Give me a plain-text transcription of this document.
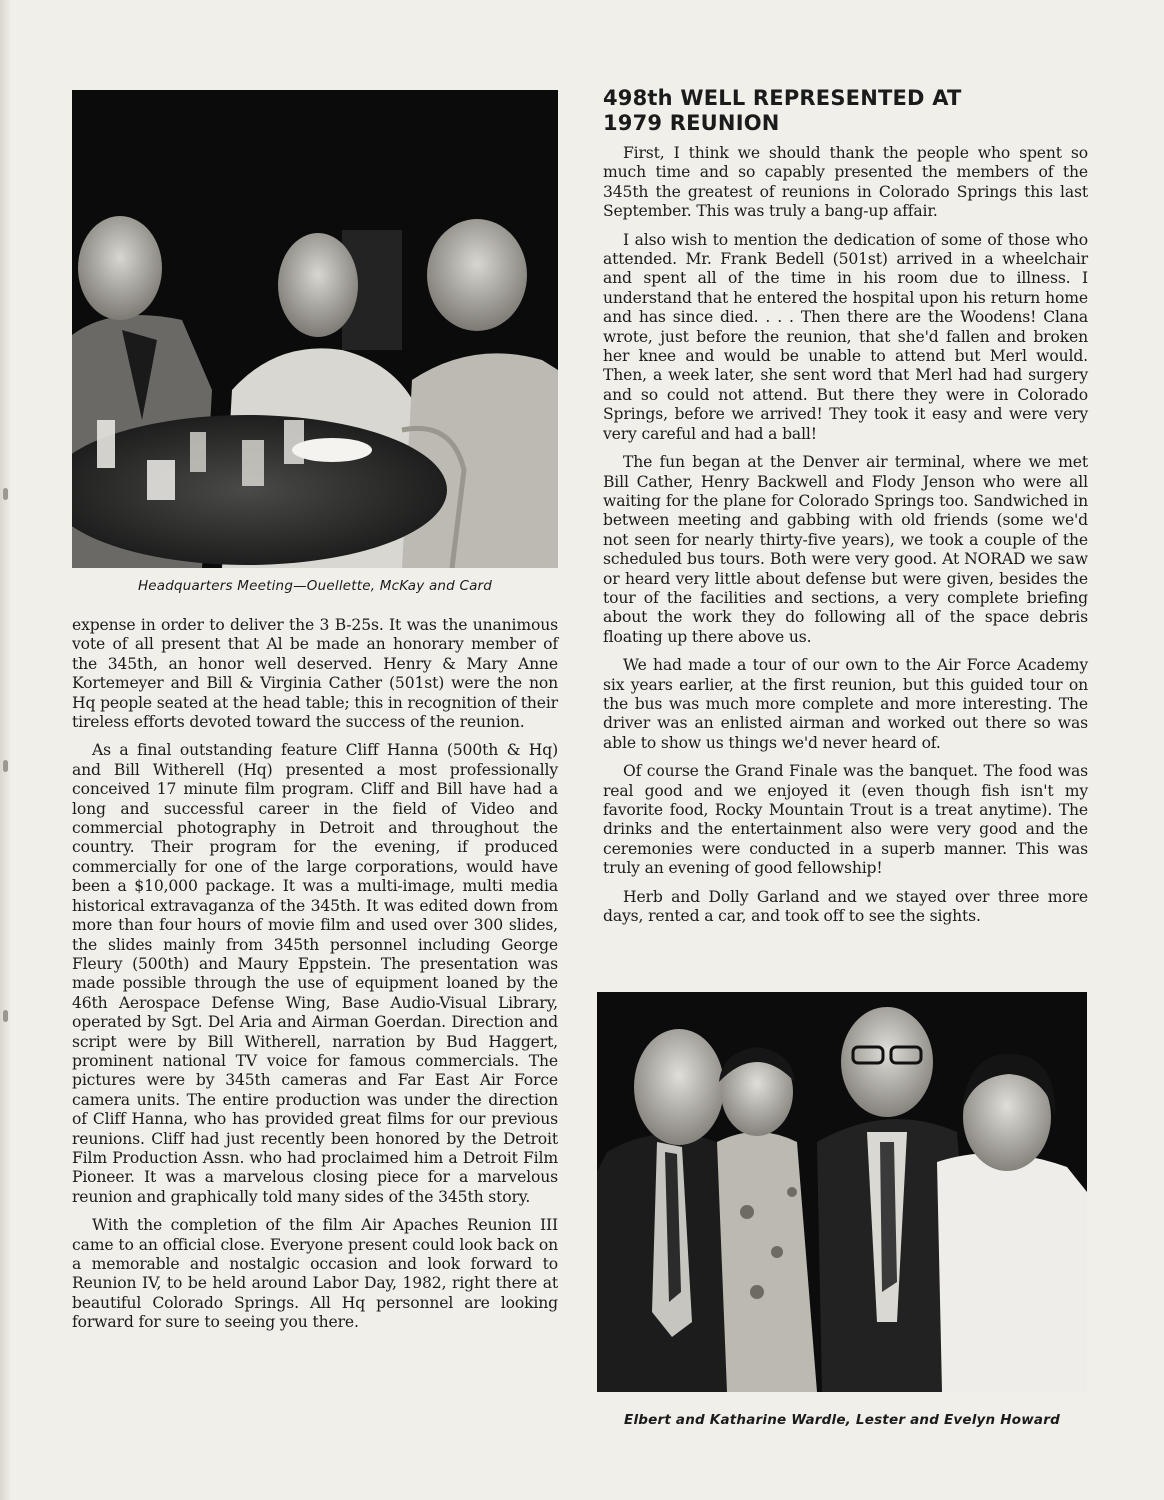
Headquarters Meeting—Ouellette, McKay and Card

expense in order to deliver the 3 B-25s. It was the unanimous vote of all present that Al be made an honorary member of the 345th, an honor well deserved. Henry & Mary Anne Kortemeyer and Bill & Virginia Cather (501st) were the non Hq people seated at the head table; this in recognition of their tireless efforts devoted toward the success of the reunion.

As a final outstanding feature Cliff Hanna (500th & Hq) and Bill Witherell (Hq) presented a most professionally conceived 17 minute film program. Cliff and Bill have had a long and successful career in the field of Video and commercial photography in Detroit and throughout the country. Their program for the evening, if produced commercially for one of the large corporations, would have been a $10,000 package. It was a multi-image, multi media historical extravaganza of the 345th. It was edited down from more than four hours of movie film and used over 300 slides, the slides mainly from 345th personnel including George Fleury (500th) and Maury Eppstein. The presentation was made possible through the use of equipment loaned by the 46th Aerospace Defense Wing, Base Audio-Visual Library, operated by Sgt. Del Aria and Airman Goerdan. Direction and script were by Bill Witherell, narration by Bud Haggert, prominent national TV voice for famous commercials. The pictures were by 345th cameras and Far East Air Force camera units. The entire production was under the direction of Cliff Hanna, who has provided great films for our previous reunions. Cliff had just recently been honored by the Detroit Film Production Assn. who had proclaimed him a Detroit Film Pioneer. It was a marvelous closing piece for a marvelous reunion and graphically told many sides of the 345th story.

With the completion of the film Air Apaches Reunion III came to an official close. Everyone present could look back on a memorable and nostalgic occasion and look forward to Reunion IV, to be held around Labor Day, 1982, right there at beautiful Colorado Springs. All Hq personnel are looking forward for sure to seeing you there.

498th WELL REPRESENTED AT
1979 REUNION

First, I think we should thank the people who spent so much time and so capably presented the members of the 345th the greatest of reunions in Colorado Springs this last September. This was truly a bang-up affair.

I also wish to mention the dedication of some of those who attended. Mr. Frank Bedell (501st) arrived in a wheelchair and spent all of the time in his room due to illness. I understand that he entered the hospital upon his return home and has since died. . . . Then there are the Woodens! Clana wrote, just before the reunion, that she'd fallen and broken her knee and would be unable to attend but Merl would. Then, a week later, she sent word that Merl had had surgery and so could not attend. But there they were in Colorado Springs, before we arrived! They took it easy and were very very careful and had a ball!

The fun began at the Denver air terminal, where we met Bill Cather, Henry Backwell and Flody Jenson who were all waiting for the plane for Colorado Springs too. Sandwiched in between meeting and gabbing with old friends (some we'd not seen for nearly thirty-five years), we took a couple of the scheduled bus tours. Both were very good. At NORAD we saw or heard very little about defense but were given, besides the tour of the facilities and sections, a very complete briefing about the work they do following all of the space debris floating up there above us.

We had made a tour of our own to the Air Force Academy six years earlier, at the first reunion, but this guided tour on the bus was much more complete and more interesting. The driver was an enlisted airman and worked out there so was able to show us things we'd never heard of.

Of course the Grand Finale was the banquet. The food was real good and we enjoyed it (even though fish isn't my favorite food, Rocky Mountain Trout is a treat anytime). The drinks and the entertainment also were very good and the ceremonies were conducted in a superb manner. This was truly an evening of good fellowship!

Herb and Dolly Garland and we stayed over three more days, rented a car, and took off to see the sights.

Elbert and Katharine Wardle, Lester and Evelyn Howard
